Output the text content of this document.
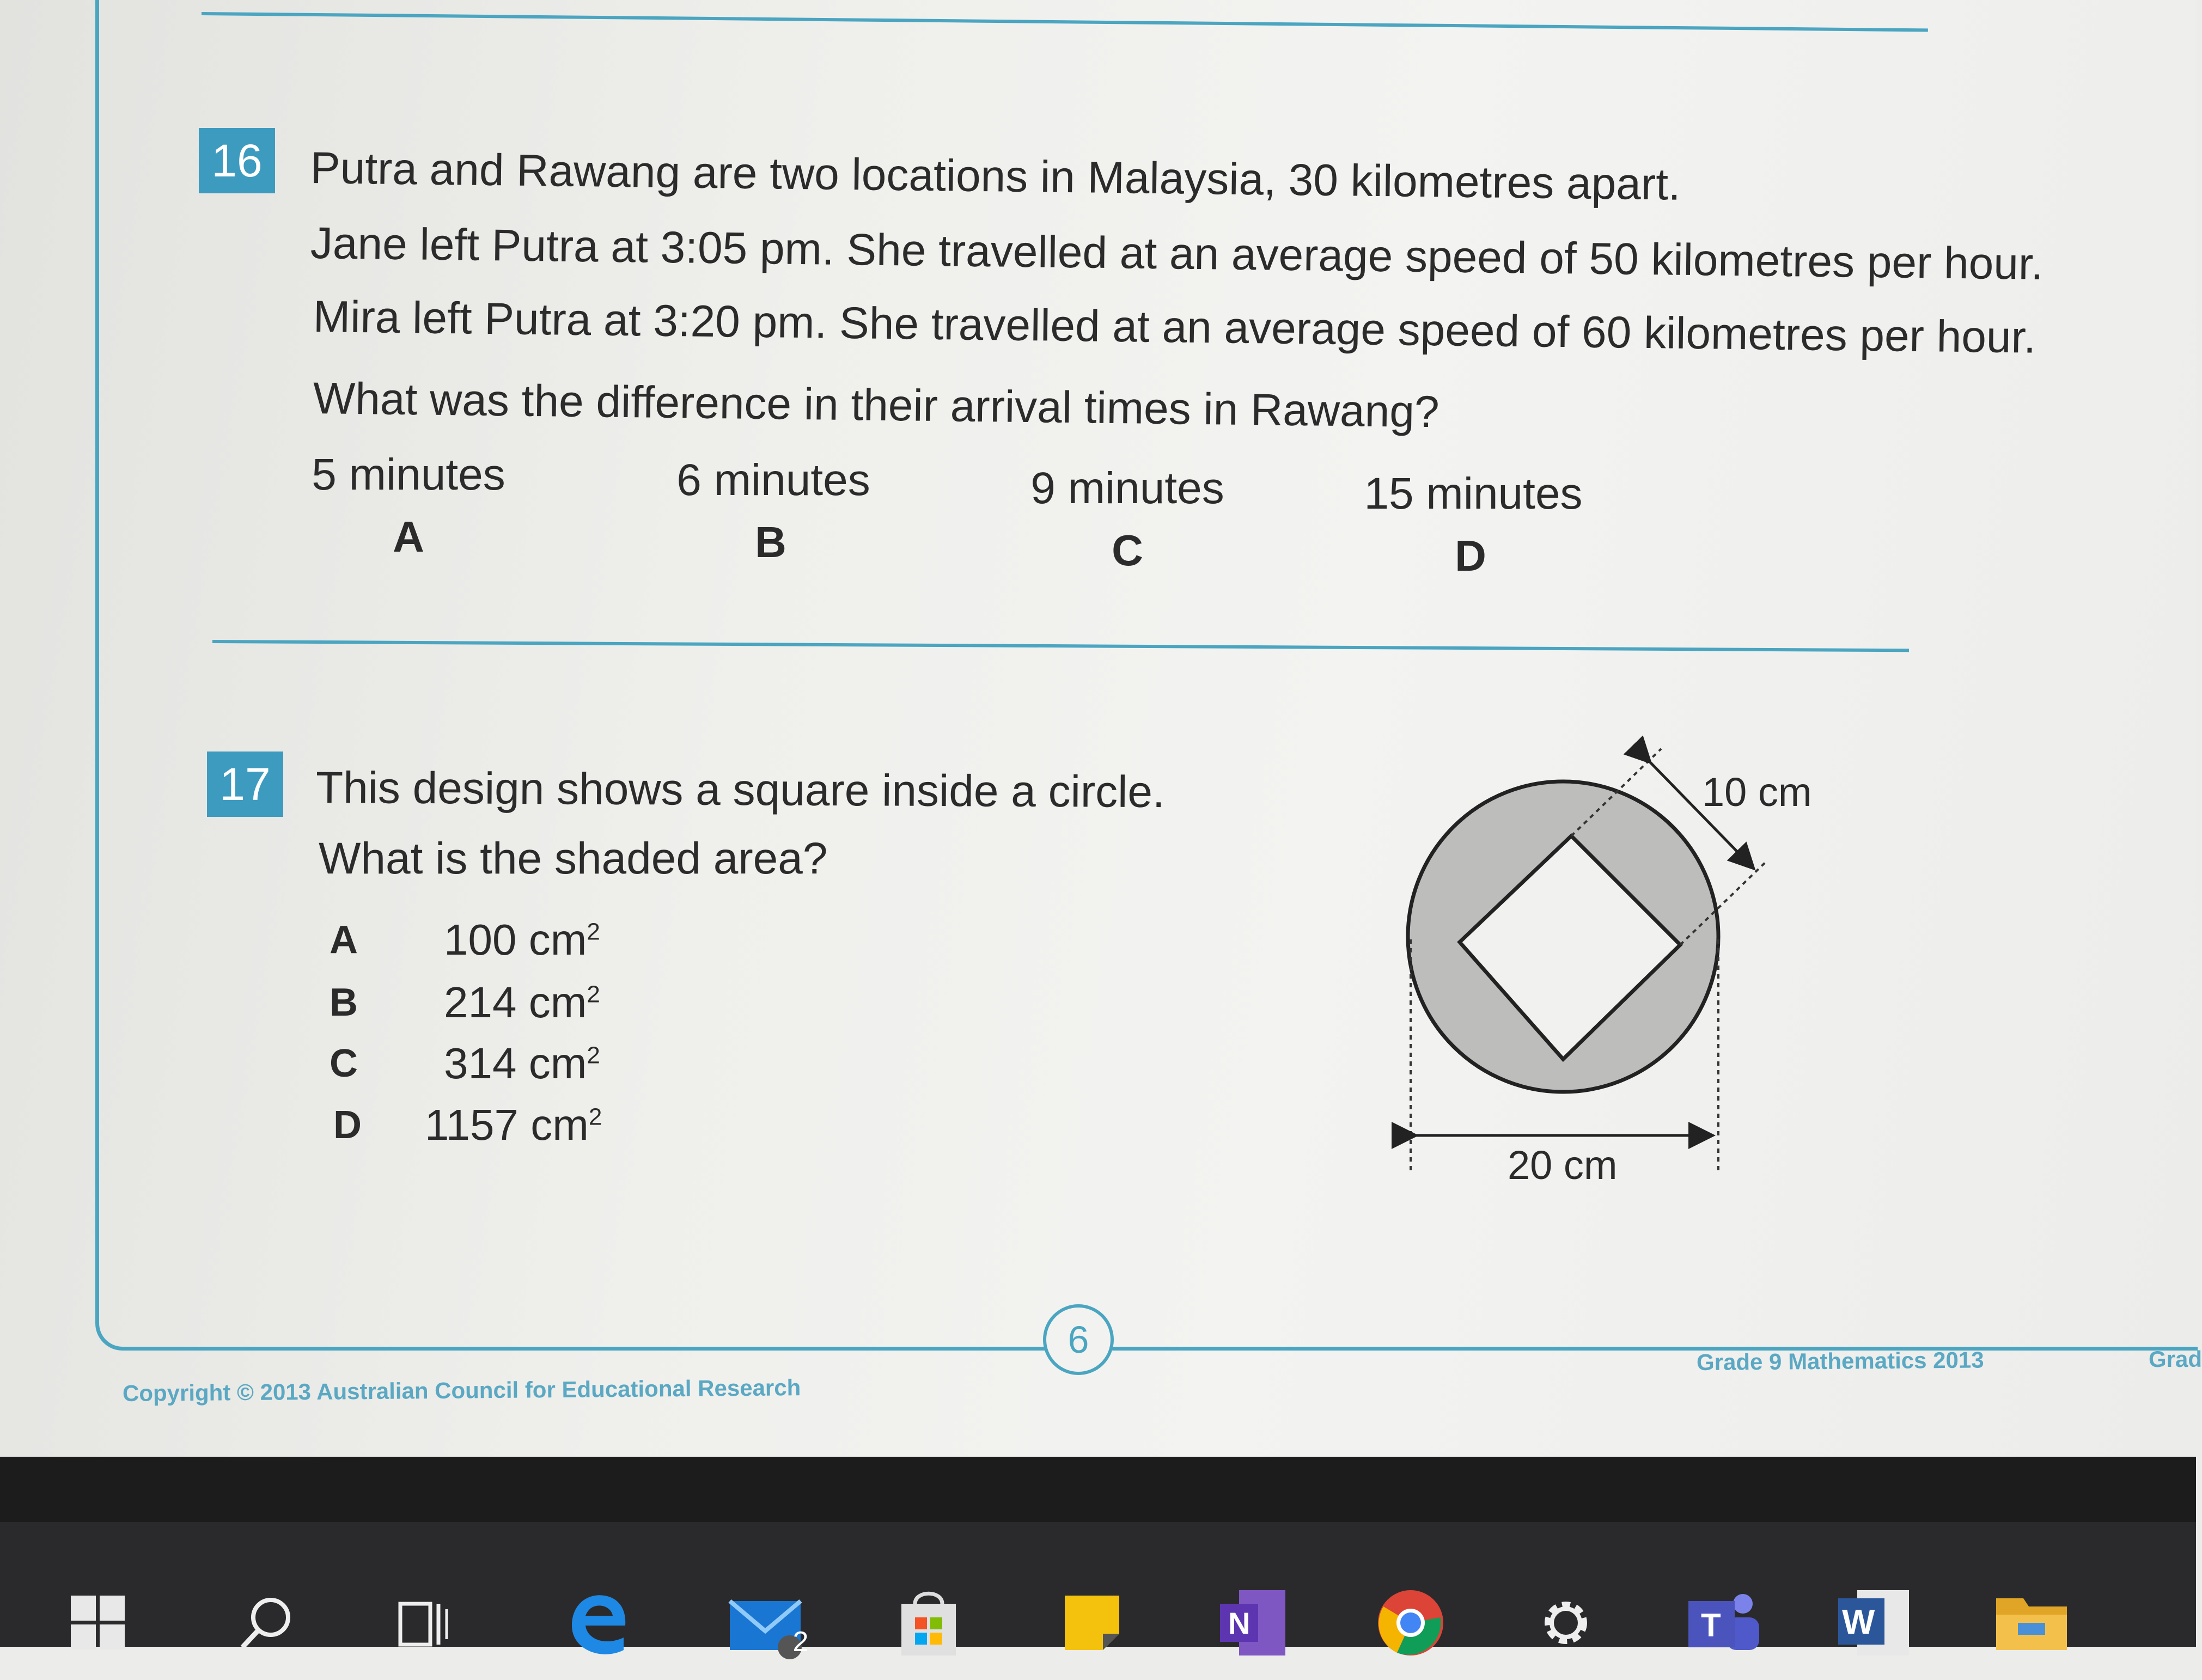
16 Putra and Rawang are two locations in Malaysia, 30 kilometres apart.
Jane left Putra at 3:05 pm. She travelled at an average speed of 50 kilometres per hour.
Mira left Putra at 3:20 pm. She travelled at an average speed of 60 kilometres per hour.
What was the difference in their arrival times in Rawang?
5 minutes
A
6 minutes
B
9 minutes
C
15 minutes
D
17 This design shows a square inside a circle.
What is the shaded area?
A 100 $cm^2$
B 214 $cm^2$
C 314 $cm^2$
D 1157 $cm^2$
10 cm
20 cm
6
Copyright © 2013 Australian Council for Educational Research
Grade 9 Mathematics 2013	Grad
2
N	T	W
